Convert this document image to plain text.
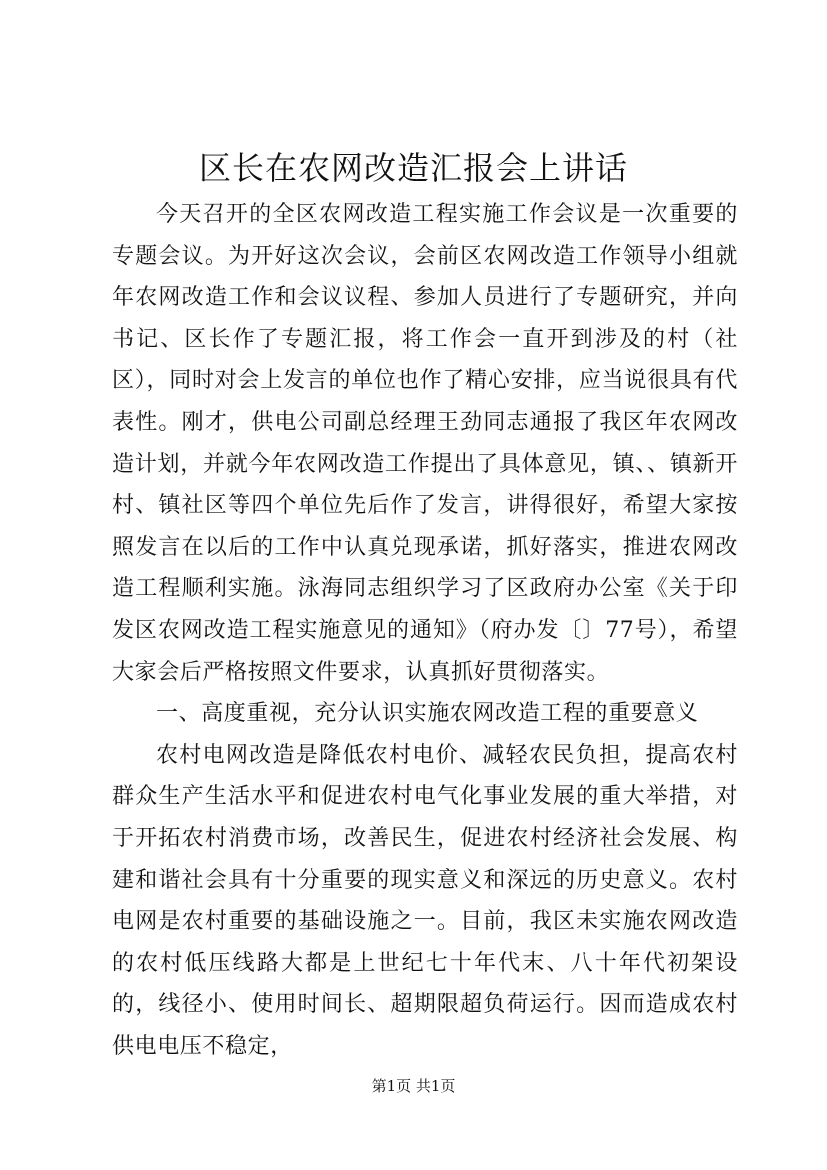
区长在农网改造汇报会上讲话

今天召开的全区农网改造工程实施工作会议是一次重要的专题会议。为开好这次会议，会前区农网改造工作领导小组就年农网改造工作和会议议程、参加人员进行了专题研究，并向书记、区长作了专题汇报，将工作会一直开到涉及的村（社区），同时对会上发言的单位也作了精心安排，应当说很具有代表性。刚才，供电公司副总经理王劲同志通报了我区年农网改造计划，并就今年农网改造工作提出了具体意见，镇、、镇新开村、镇社区等四个单位先后作了发言，讲得很好，希望大家按照发言在以后的工作中认真兑现承诺，抓好落实，推进农网改造工程顺利实施。泳海同志组织学习了区政府办公室《关于印发区农网改造工程实施意见的通知》（府办发〔〕77号），希望大家会后严格按照文件要求，认真抓好贯彻落实。

一、高度重视，充分认识实施农网改造工程的重要意义

农村电网改造是降低农村电价、减轻农民负担，提高农村群众生产生活水平和促进农村电气化事业发展的重大举措，对于开拓农村消费市场，改善民生，促进农村经济社会发展、构建和谐社会具有十分重要的现实意义和深远的历史意义。农村电网是农村重要的基础设施之一。目前，我区未实施农网改造的农村低压线路大都是上世纪七十年代末、八十年代初架设的，线径小、使用时间长、超期限超负荷运行。因而造成农村供电电压不稳定，

第1页 共1页
